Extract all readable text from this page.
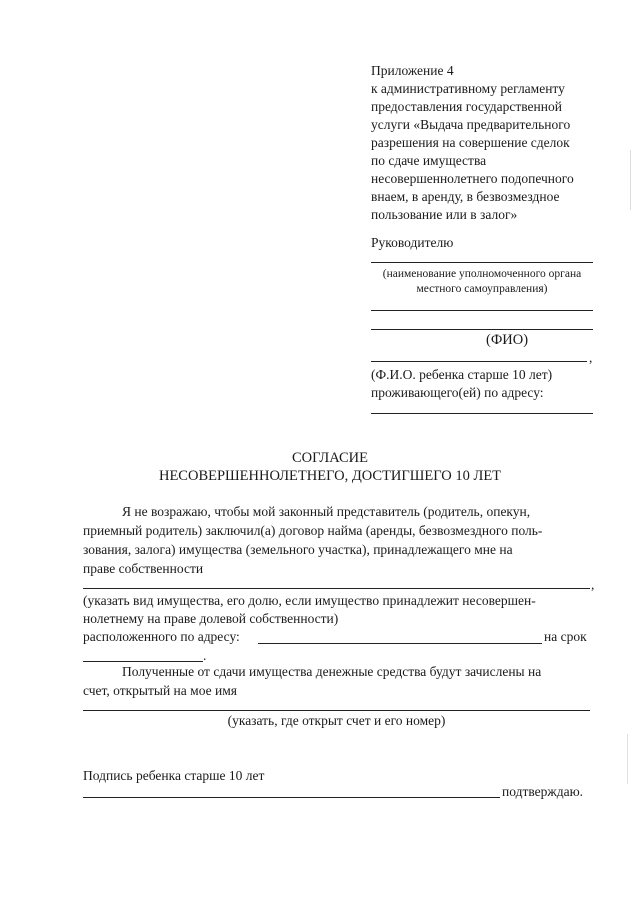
Приложение 4
к административному регламенту
предоставления государственной
услуги «Выдача предварительного
разрешения на совершение сделок
по сдаче имущества
несовершеннолетнего подопечного
внаем, в аренду, в безвозмездное
пользование или в залог»
Руководителю
(наименование уполномоченного органа
местного самоуправления)
(ФИО)
,
(Ф.И.О. ребенка старше 10 лет)
проживающего(ей) по адресу:
СОГЛАСИЕ
НЕСОВЕРШЕННОЛЕТНЕГО, ДОСТИГШЕГО 10 ЛЕТ
Я не возражаю, чтобы мой законный представитель (родитель, опекун,
приемный родитель) заключил(а) договор найма (аренды, безвозмездного поль-
зования, залога) имущества (земельного участка), принадлежащего мне на
праве собственности
,
(указать вид имущества, его долю, если имущество принадлежит несовершен-
нолетнему на праве долевой собственности)
расположенного по адресу:	на срок
.
Полученные от сдачи имущества денежные средства будут зачислены на
счет, открытый на мое имя
(указать, где открыт счет и его номер)
Подпись ребенка старше 10 лет
подтверждаю.
